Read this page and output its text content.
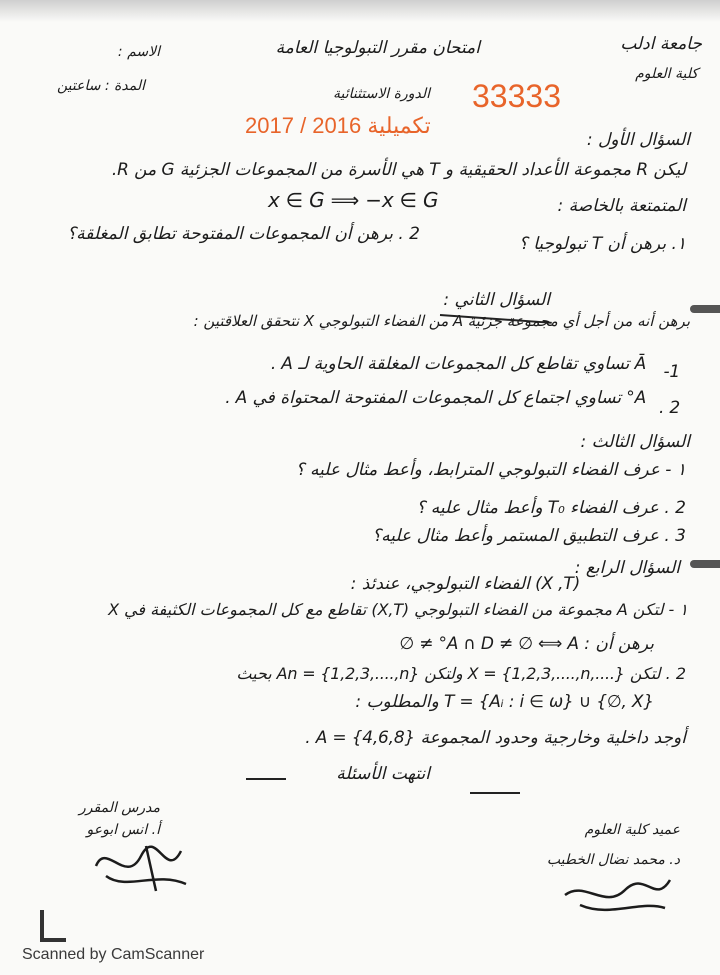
جامعة ادلب
كلية العلوم
امتحان مقرر التبولوجيا العامة
الدورة الاستثنائية
الاسم :
المدة : ساعتين	33333
تكميلية 2016 / 2017
السؤال الأول :
ليكن R مجموعة الأعداد الحقيقية و T هي الأسرة من المجموعات الجزئية G من R.
المتمتعة بالخاصة :
x ∈ G ⟹ −x ∈ G
١. برهن أن T تبولوجيا ؟
2 . برهن أن المجموعات المفتوحة تطابق المغلقة؟
السؤال الثاني :
برهن أنه من أجل أي مجموعة جزئية A من الفضاء التبولوجي X نتحقق العلاقتين :
1-
Ā تساوي تقاطع كل المجموعات المغلقة الحاوية لـ A .
2 .
A° تساوي اجتماع كل المجموعات المفتوحة المحتواة في A .
السؤال الثالث :
١ - عرف الفضاء التبولوجي المترابط، وأعط مثال عليه ؟
2 . عرف الفضاء T₀ وأعط مثال عليه ؟
3 . عرف التطبيق المستمر وأعط مثال عليه؟
السؤال الرابع :
(X ,T) الفضاء التبولوجي، عندئذ :
١ - لتكن A مجموعة من الفضاء التبولوجي (X,T) تقاطع مع كل المجموعات الكثيفة في X
برهن أن : A ∩ D ≠ ∅ ⟺ A° ≠ ∅
2 . لتكن X = {1,2,3,....,n,....} ولتكن An = {1,2,3,....,n} بحيث
T = {Aᵢ : i ∈ ω} ∪ {∅, X} والمطلوب :
أوجد داخلية وخارجية وحدود المجموعة A = {4,6,8} .
انتهت الأسئلة
مدرس المقرر
أ. انس ابوعو	عميد كلية العلوم
د. محمد نضال الخطيب
Scanned by CamScanner
